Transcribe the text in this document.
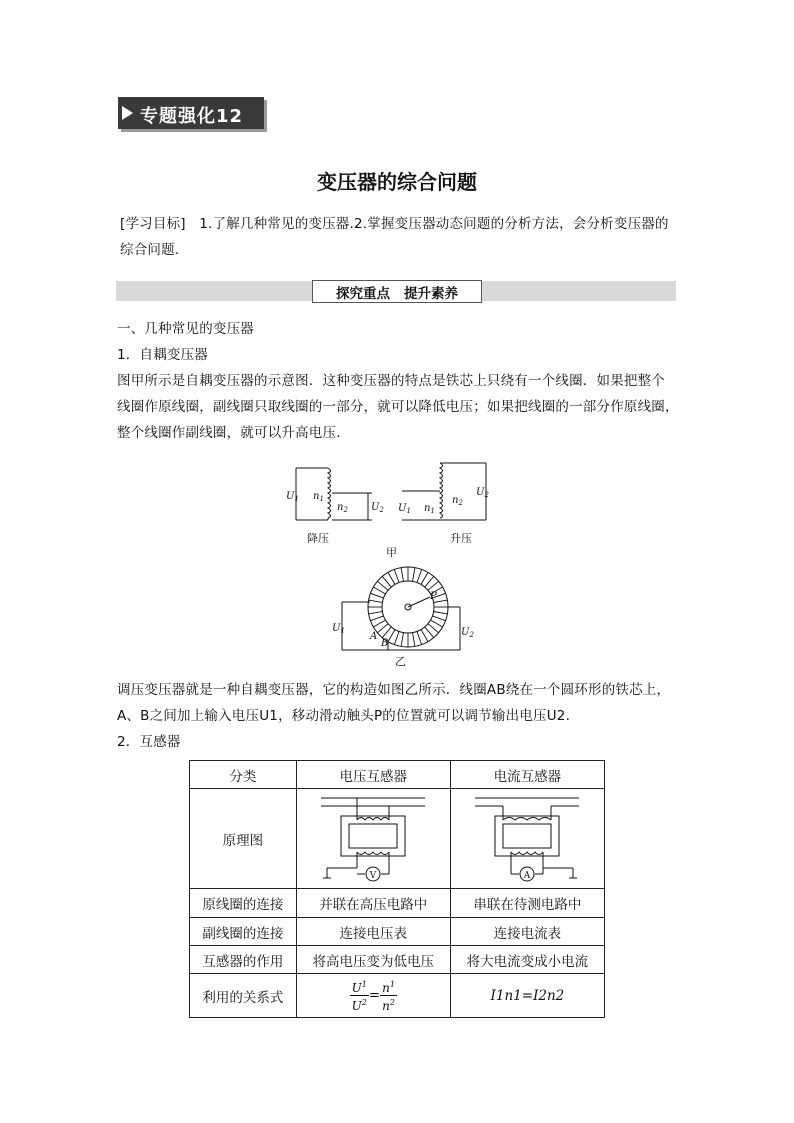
专题强化12
变压器的综合问题
[学习目标] 1.了解几种常见的变压器.2.掌握变压器动态问题的分析方法，会分析变压器的
综合问题.
探究重点 提升素养
一、几种常见的变压器
1．自耦变压器
图甲所示是自耦变压器的示意图．这种变压器的特点是铁芯上只绕有一个线圈．如果把整个
线圈作原线圈，副线圈只取线圈的一部分，就可以降低电压；如果把线圈的一部分作原线圈，
整个线圈作副线圈，就可以升高电压．
$U_1$ $n_1$
$n_2$ $U_2$
降压
$U_1$ $n_1$
$n_2$
$U_2$
升压
甲
$U_1$	$U_2$
A
B
P
乙
调压变压器就是一种自耦变压器，它的构造如图乙所示．线圈AB绕在一个圆环形的铁芯上，
A、B之间加上输入电压U1，移动滑动触头P的位置就可以调节输出电压U2.
2．互感器
分类	电压互感器	电流互感器
原理图	V	A

原线圈的连接	并联在高压电路中	串联在待测电路中
副线圈的连接	连接电压表	连接电流表
互感器的作用	将高电压变为低电压	将大电流变成小电流
利用的关系式	$\frac{U^1}{U^2} = \frac{n^1}{n^2}$	I1n1=I2n2
